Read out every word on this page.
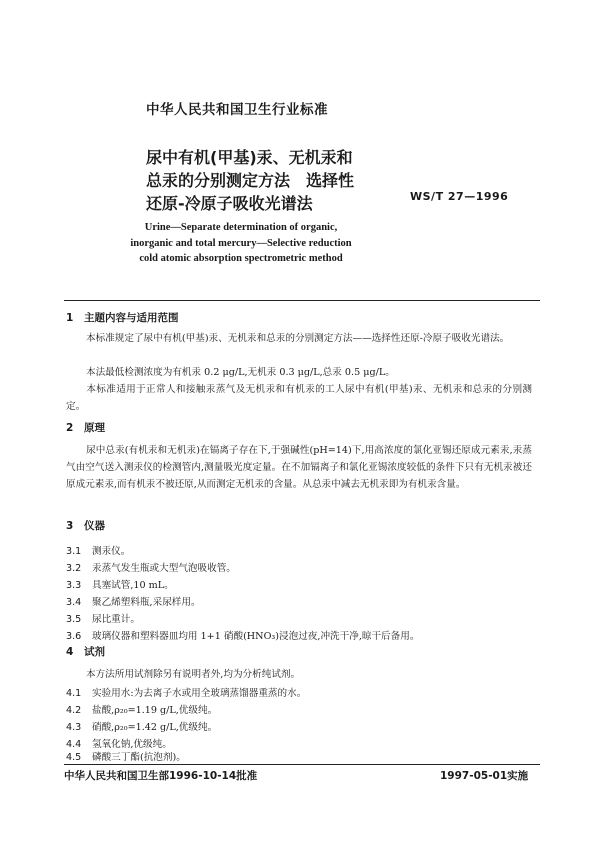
中华人民共和国卫生行业标准
尿中有机(甲基)汞、无机汞和
总汞的分别测定方法　选择性
还原-冷原子吸收光谱法	WS/T 27—1996
Urine—Separate determination of organic,
inorganic and total mercury—Selective reduction
cold atomic absorption spectrometric method
1 主题内容与适用范围
本标准规定了尿中有机(甲基)汞、无机汞和总汞的分别测定方法——选择性还原-冷原子吸收光谱法。
本法最低检测浓度为有机汞 0.2 μg/L,无机汞 0.3 μg/L,总汞 0.5 μg/L。
本标准适用于正常人和接触汞蒸气及无机汞和有机汞的工人尿中有机(甲基)汞、无机汞和总汞的分别测定。
2 原理
尿中总汞(有机汞和无机汞)在镉离子存在下,于强碱性(pH=14)下,用高浓度的氯化亚锡还原成元素汞,汞蒸气由空气送入测汞仪的检测管内,测量吸光度定量。在不加镉离子和氯化亚锡浓度较低的条件下只有无机汞被还原成元素汞,而有机汞不被还原,从而测定无机汞的含量。从总汞中减去无机汞即为有机汞含量。
3 仪器
3.1 测汞仪。
3.2 汞蒸气发生瓶或大型气泡吸收管。
3.3 具塞试管,10 mL。
3.4 聚乙烯塑料瓶,采尿样用。
3.5 尿比重计。
3.6 玻璃仪器和塑料器皿均用 1+1 硝酸(HNO₃)浸泡过夜,冲洗干净,晾干后备用。
4 试剂
本方法所用试剂除另有说明者外,均为分析纯试剂。
4.1 实验用水:为去离子水或用全玻璃蒸馏器重蒸的水。
4.2 盐酸,ρ₂₀=1.19 g/L,优级纯。
4.3 硝酸,ρ₂₀=1.42 g/L,优级纯。
4.4 氢氧化钠,优级纯。
4.5 磷酸三丁酯(抗泡剂)。
中华人民共和国卫生部1996-10-14批准	1997-05-01实施
